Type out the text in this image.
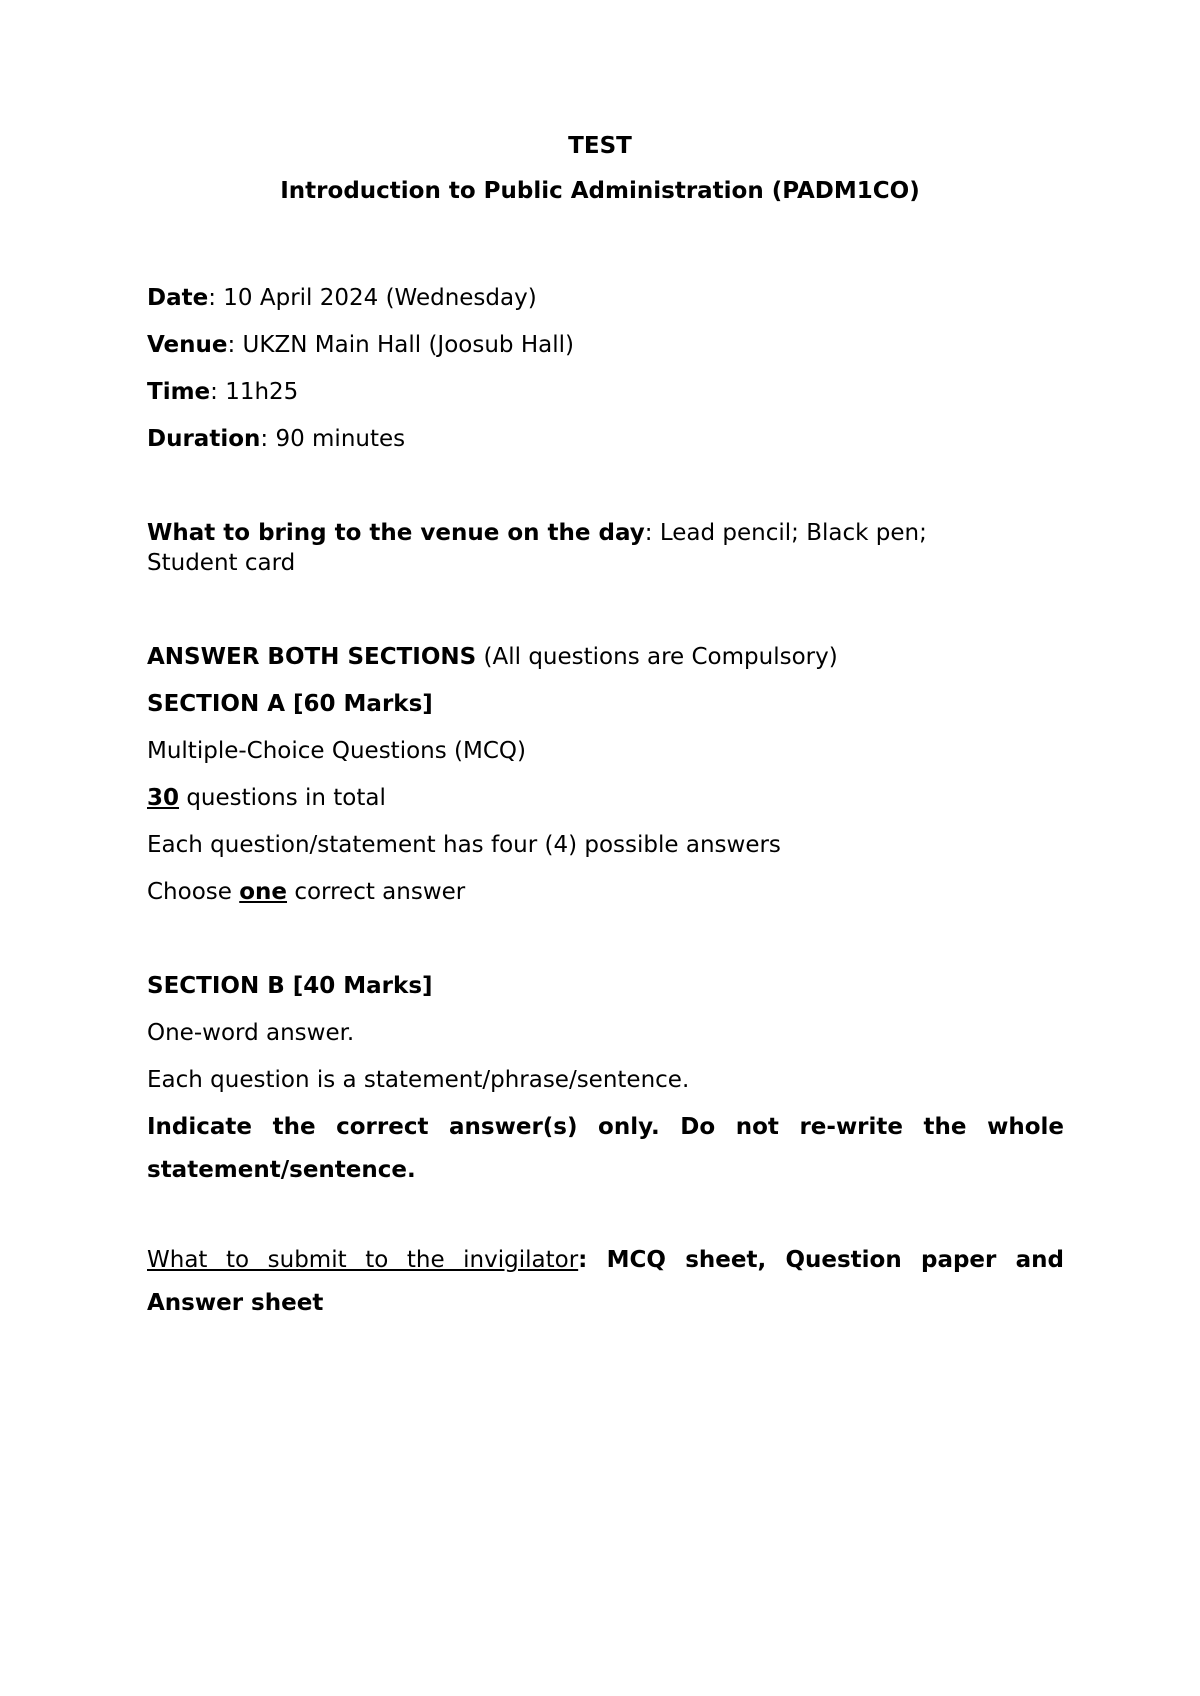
TEST
Introduction to Public Administration (PADM1CO)
Date: 10 April 2024 (Wednesday)
Venue: UKZN Main Hall (Joosub Hall)
Time: 11h25
Duration: 90 minutes
What to bring to the venue on the day: Lead pencil; Black pen;
Student card
ANSWER BOTH SECTIONS (All questions are Compulsory)
SECTION A [60 Marks]
Multiple-Choice Questions (MCQ)
30 questions in total
Each question/statement has four (4) possible answers
Choose one correct answer
SECTION B [40 Marks]
One-word answer.
Each question is a statement/phrase/sentence.
Indicate the correct answer(s) only. Do not re-write the whole
statement/sentence.
What to submit to the invigilator: MCQ sheet, Question paper and
Answer sheet
